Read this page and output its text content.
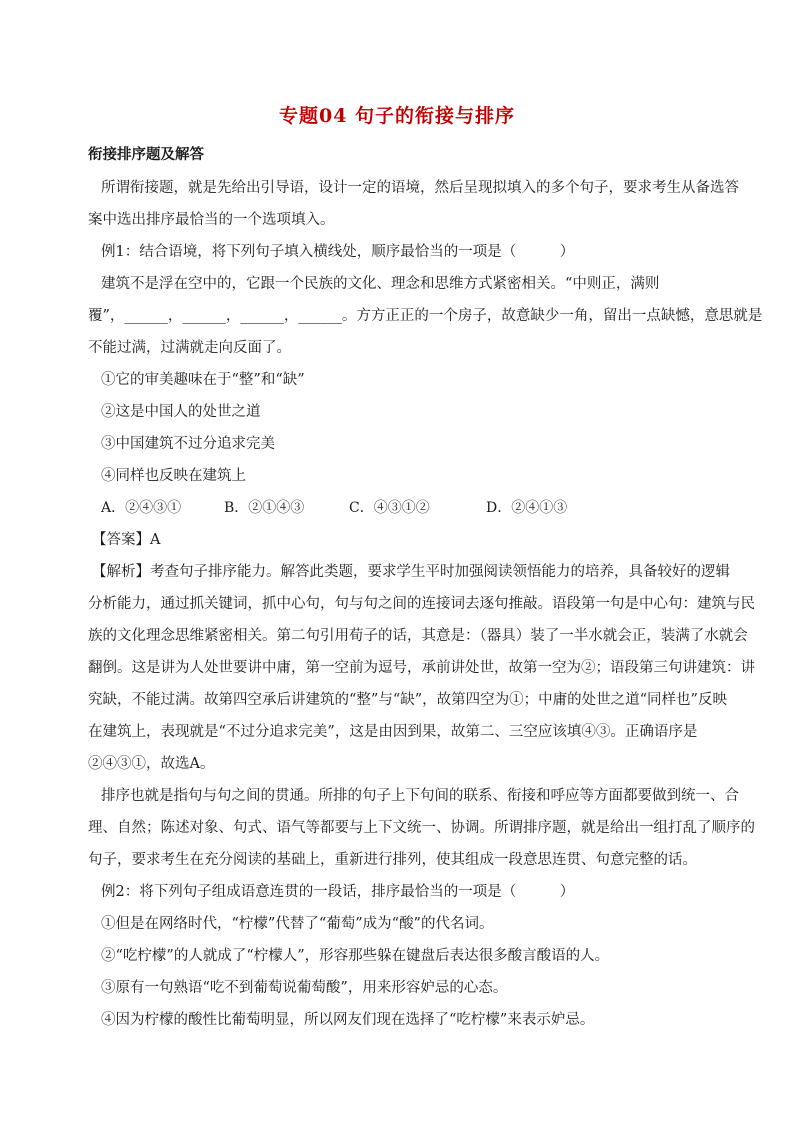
专题04 句子的衔接与排序
衔接排序题及解答
所谓衔接题，就是先给出引导语，设计一定的语境，然后呈现拟填入的多个句子，要求考生从备选答
案中选出排序最恰当的一个选项填入。
例1：结合语境，将下列句子填入横线处，顺序最恰当的一项是（　　　）
建筑不是浮在空中的，它跟一个民族的文化、理念和思维方式紧密相关。“中则正，满则
覆”，______，______，______，______。方方正正的一个房子，故意缺少一角，留出一点缺憾，意思就是
不能过满，过满就走向反面了。
①它的审美趣味在于“整”和“缺”
②这是中国人的处世之道
③中国建筑不过分追求完美
④同样也反映在建筑上
A．②④③①	B．②①④③	C．④③①②	D．②④①③
【答案】A
【解析】考查句子排序能力。解答此类题，要求学生平时加强阅读领悟能力的培养，具备较好的逻辑
分析能力，通过抓关键词，抓中心句，句与句之间的连接词去逐句推敲。语段第一句是中心句：建筑与民
族的文化理念思维紧密相关。第二句引用荀子的话，其意是：（器具）装了一半水就会正，装满了水就会
翻倒。这是讲为人处世要讲中庸，第一空前为逗号，承前讲处世，故第一空为②；语段第三句讲建筑：讲
究缺，不能过满。故第四空承后讲建筑的“整”与“缺”，故第四空为①；中庸的处世之道“同样也”反映
在建筑上，表现就是“不过分追求完美”，这是由因到果，故第二、三空应该填④③。正确语序是
②④③①，故选A。
排序也就是指句与句之间的贯通。所排的句子上下句间的联系、衔接和呼应等方面都要做到统一、合
理、自然；陈述对象、句式、语气等都要与上下文统一、协调。所谓排序题，就是给出一组打乱了顺序的
句子，要求考生在充分阅读的基础上，重新进行排列，使其组成一段意思连贯、句意完整的话。
例2：将下列句子组成语意连贯的一段话，排序最恰当的一项是（　　　）
①但是在网络时代，“柠檬”代替了“葡萄”成为“酸”的代名词。
②“吃柠檬”的人就成了“柠檬人”，形容那些躲在键盘后表达很多酸言酸语的人。
③原有一句熟语“吃不到葡萄说葡萄酸”，用来形容妒忌的心态。
④因为柠檬的酸性比葡萄明显，所以网友们现在选择了“吃柠檬”来表示妒忌。
